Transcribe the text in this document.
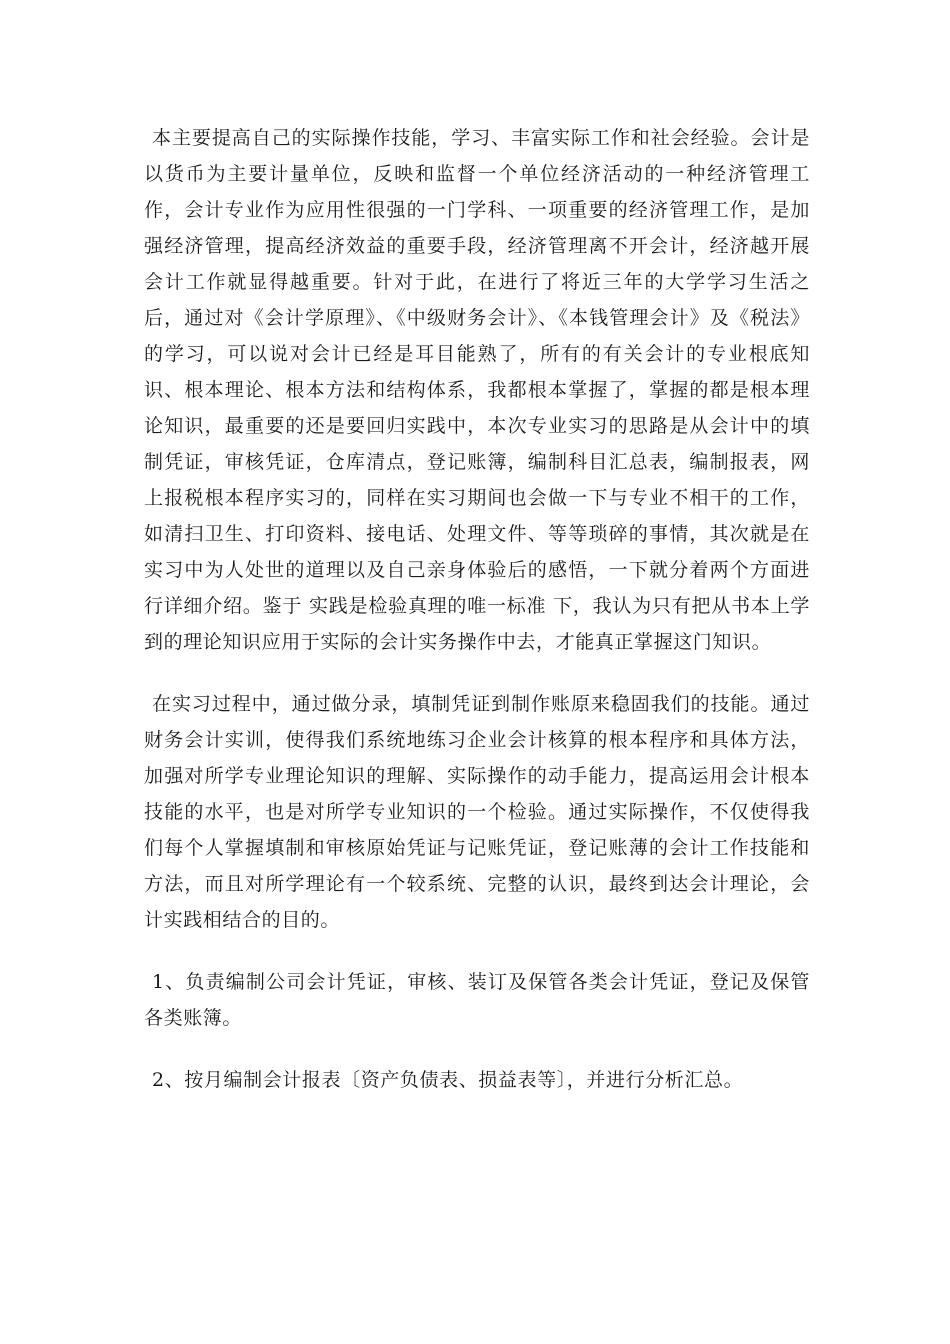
本主要提高自己的实际操作技能，学习、丰富实际工作和社会经验。会计是以货币为主要计量单位，反映和监督一个单位经济活动的一种经济管理工作，会计专业作为应用性很强的一门学科、一项重要的经济管理工作，是加强经济管理，提高经济效益的重要手段，经济管理离不开会计，经济越开展会计工作就显得越重要。针对于此，在进行了将近三年的大学学习生活之后，通过对《会计学原理》、《中级财务会计》、《本钱管理会计》及《税法》的学习，可以说对会计已经是耳目能熟了，所有的有关会计的专业根底知识、根本理论、根本方法和结构体系，我都根本掌握了，掌握的都是根本理论知识，最重要的还是要回归实践中，本次专业实习的思路是从会计中的填制凭证，审核凭证，仓库清点，登记账簿，编制科目汇总表，编制报表，网上报税根本程序实习的，同样在实习期间也会做一下与专业不相干的工作，如清扫卫生、打印资料、接电话、处理文件、等等琐碎的事情，其次就是在实习中为人处世的道理以及自己亲身体验后的感悟，一下就分着两个方面进行详细介绍。鉴于 实践是检验真理的唯一标准 下，我认为只有把从书本上学到的理论知识应用于实际的会计实务操作中去，才能真正掌握这门知识。

在实习过程中，通过做分录，填制凭证到制作账原来稳固我们的技能。通过财务会计实训，使得我们系统地练习企业会计核算的根本程序和具体方法，加强对所学专业理论知识的理解、实际操作的动手能力，提高运用会计根本技能的水平，也是对所学专业知识的一个检验。通过实际操作，不仅使得我们每个人掌握填制和审核原始凭证与记账凭证，登记账薄的会计工作技能和方法，而且对所学理论有一个较系统、完整的认识，最终到达会计理论，会计实践相结合的目的。

1、负责编制公司会计凭证，审核、装订及保管各类会计凭证，登记及保管各类账簿。

2、按月编制会计报表〔资产负债表、损益表等〕，并进行分析汇总。
